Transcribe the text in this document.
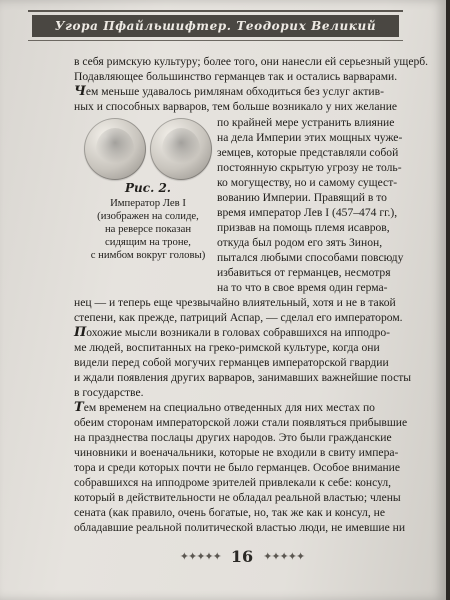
Угора Пфайльшифтер. Теодорих Великий
в себя римскую культуру; более того, они нанесли ей серьезный ущерб.
Подавляющее большинство германцев так и остались варварами.
Чем меньше удавалось римлянам обходиться без услуг актив-
ных и способных варваров, тем больше возникало у них желание
Рис. 2.
Император Лев I
(изображен на солиде,
на реверсе показан
сидящим на троне,
с нимбом вокруг головы)
по крайней мере устранить влияние
на дела Империи этих мощных чуже-
земцев, которые представляли собой
постоянную скрытую угрозу не толь-
ко могуществу, но и самому сущест-
вованию Империи. Правящий в то
время император Лев I (457–474 гг.),
призвав на помощь племя исавров,
откуда был родом его зять Зинон,
пытался любыми способами повсюду
избавиться от германцев, несмотря
на то что в свое время один герма-
нец — и теперь еще чрезвычайно влиятельный, хотя и не в такой
степени, как прежде, патриций Аспар, — сделал его императором.
Похожие мысли возникали в головах собравшихся на ипподро-
ме людей, воспитанных на греко-римской культуре, когда они
видели перед собой могучих германцев императорской гвардии
и ждали появления других варваров, занимавших важнейшие посты
в государстве.
Тем временем на специально отведенных для них местах по
обеим сторонам императорской ложи стали появляться прибывшие
на празднества послацы других народов. Это были гражданские
чиновники и военачальники, которые не входили в свиту импера-
тора и среди которых почти не было германцев. Особое внимание
собравшихся на ипподроме зрителей привлекали к себе: консул,
который в действительности не обладал реальной властью; члены
сената (как правило, очень богатые, но, так же как и консул, не
обладавшие реальной политической властью люди, не имевшие ни
✦✦✦✦✦ 16 ✦✦✦✦✦
